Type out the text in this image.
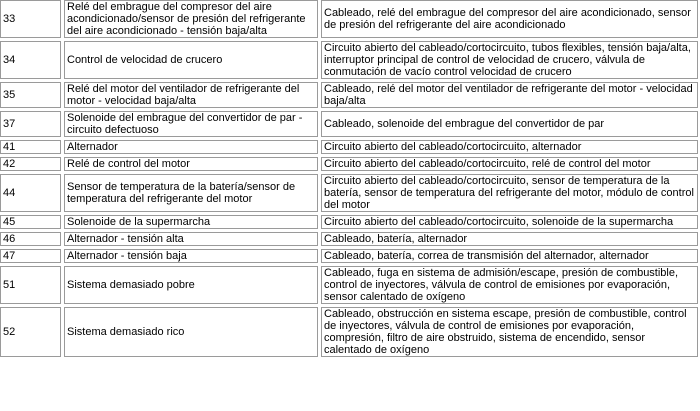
33	Relé del embrague del compresor del aire acondicionado/sensor de presión del refrigerante del aire acondicionado - tensión baja/alta	Cableado, relé del embrague del compresor del aire acondicionado, sensor de presión del refrigerante del aire acondicionado
34	Control de velocidad de crucero	Circuito abierto del cableado/cortocircuito, tubos flexibles, tensión baja/alta, interruptor principal de control de velocidad de crucero, válvula de conmutación de vacío control velocidad de crucero
35	Relé del motor del ventilador de refrigerante del motor - velocidad baja/alta	Cableado, relé del motor del ventilador de refrigerante del motor - velocidad baja/alta
37	Solenoide del embrague del convertidor de par - circuito defectuoso	Cableado, solenoide del embrague del convertidor de par
41	Alternador	Circuito abierto del cableado/cortocircuito, alternador
42	Relé de control del motor	Circuito abierto del cableado/cortocircuito, relé de control del motor
44	Sensor de temperatura de la batería/sensor de temperatura del refrigerante del motor	Circuito abierto del cableado/cortocircuito, sensor de temperatura de la batería, sensor de temperatura del refrigerante del motor, módulo de control del motor
45	Solenoide de la supermarcha	Circuito abierto del cableado/cortocircuito, solenoide de la supermarcha
46	Alternador - tensión alta	Cableado, batería, alternador
47	Alternador - tensión baja	Cableado, batería, correa de transmisión del alternador, alternador
51	Sistema demasiado pobre	Cableado, fuga en sistema de admisión/escape, presión de combustible, control de inyectores, válvula de control de emisiones por evaporación, sensor calentado de oxígeno
52	Sistema demasiado rico	Cableado, obstrucción en sistema escape, presión de combustible, control de inyectores, válvula de control de emisiones por evaporación, compresión, filtro de aire obstruido, sistema de encendido, sensor calentado de oxígeno
